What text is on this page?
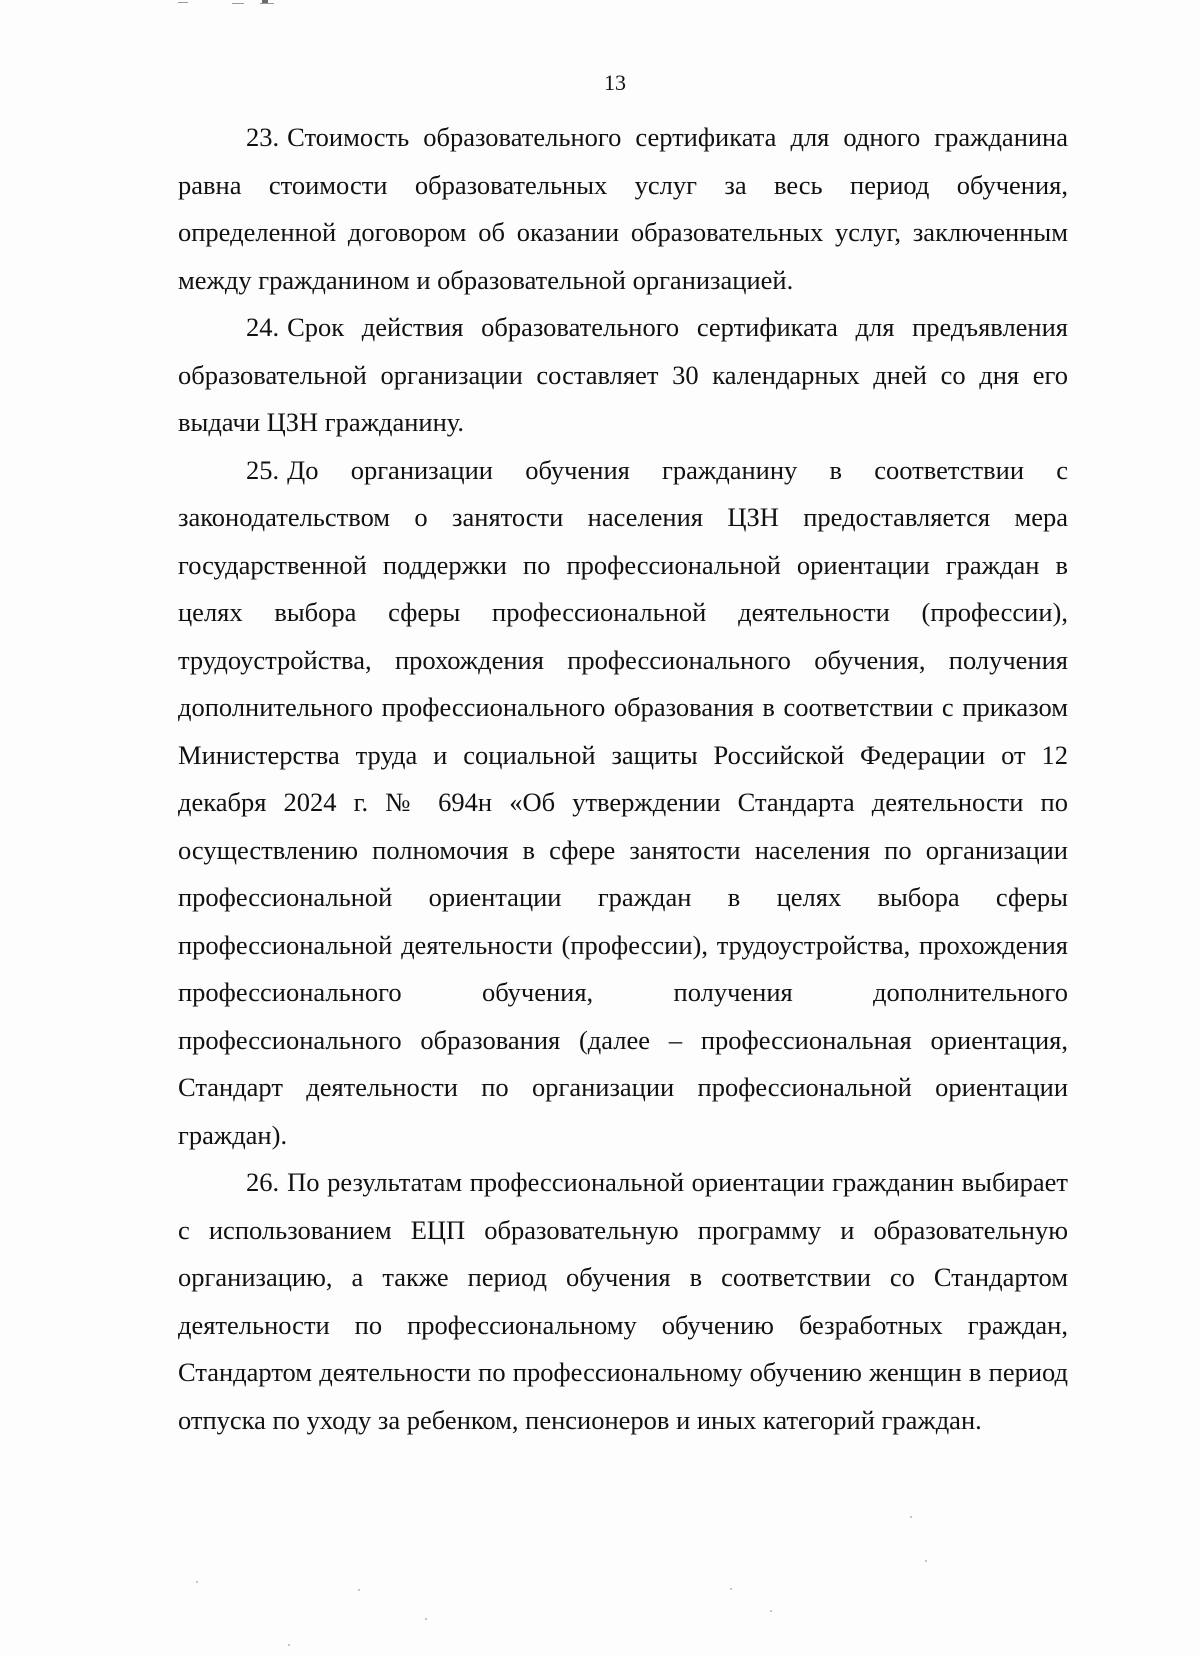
13

23. Стоимость образовательного сертификата для одного гражданина равна стоимости образовательных услуг за весь период обучения, определенной договором об оказании образовательных услуг, заключенным между гражданином и образовательной организацией.

24. Срок действия образовательного сертификата для предъявления образовательной организации составляет 30 календарных дней со дня его выдачи ЦЗН гражданину.

25. До организации обучения гражданину в соответствии с законодательством о занятости населения ЦЗН предоставляется мера государственной поддержки по профессиональной ориентации граждан в целях выбора сферы профессиональной деятельности (профессии), трудоустройства, прохождения профессионального обучения, получения дополнительного профессионального образования в соответствии с приказом Министерства труда и социальной защиты Российской Федерации от 12 декабря 2024 г. № 694н «Об утверждении Стандарта деятельности по осуществлению полномочия в сфере занятости населения по организации профессиональной ориентации граждан в целях выбора сферы профессиональной деятельности (профессии), трудоустройства, прохождения профессионального обучения, получения дополнительного профессионального образования (далее – профессиональная ориентация, Стандарт деятельности по организации профессиональной ориентации граждан).

26. По результатам профессиональной ориентации гражданин выбирает с использованием ЕЦП образовательную программу и образовательную организацию, а также период обучения в соответствии со Стандартом деятельности по профессиональному обучению безработных граждан, Стандартом деятельности по профессиональному обучению женщин в период отпуска по уходу за ребенком, пенсионеров и иных категорий граждан.
